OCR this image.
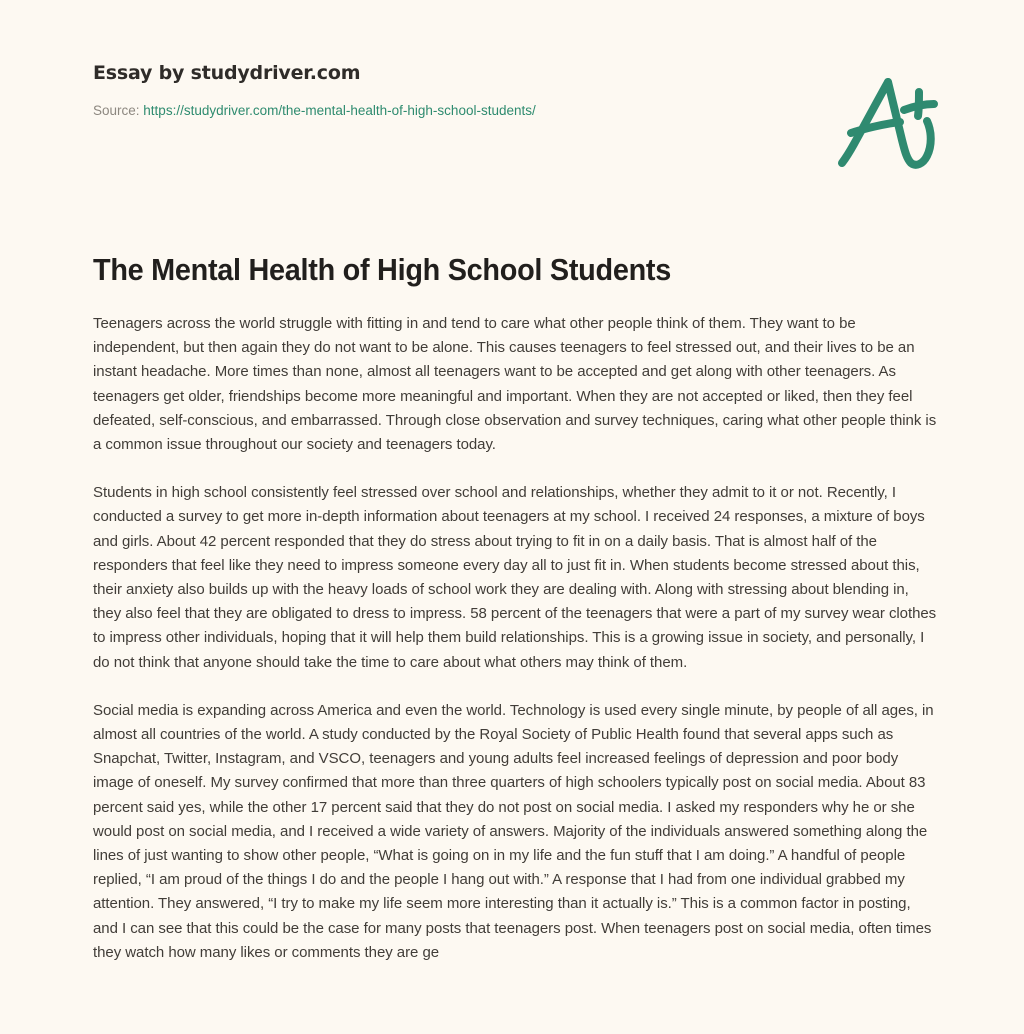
Essay by studydriver.com
Source: https://studydriver.com/the-mental-health-of-high-school-students/
The Mental Health of High School Students

Teenagers across the world struggle with fitting in and tend to care what other people think of them. They want to be independent, but then again they do not want to be alone. This causes teenagers to feel stressed out, and their lives to be an instant headache. More times than none, almost all teenagers want to be accepted and get along with other teenagers. As teenagers get older, friendships become more meaningful and important. When they are not accepted or liked, then they feel defeated, self-conscious, and embarrassed. Through close observation and survey techniques, caring what other people think is a common issue throughout our society and teenagers today.

Students in high school consistently feel stressed over school and relationships, whether they admit to it or not. Recently, I conducted a survey to get more in-depth information about teenagers at my school. I received 24 responses, a mixture of boys and girls. About 42 percent responded that they do stress about trying to fit in on a daily basis. That is almost half of the responders that feel like they need to impress someone every day all to just fit in. When students become stressed about this, their anxiety also builds up with the heavy loads of school work they are dealing with. Along with stressing about blending in, they also feel that they are obligated to dress to impress. 58 percent of the teenagers that were a part of my survey wear clothes to impress other individuals, hoping that it will help them build relationships. This is a growing issue in society, and personally, I do not think that anyone should take the time to care about what others may think of them.

Social media is expanding across America and even the world. Technology is used every single minute, by people of all ages, in almost all countries of the world. A study conducted by the Royal Society of Public Health found that several apps such as Snapchat, Twitter, Instagram, and VSCO, teenagers and young adults feel increased feelings of depression and poor body image of oneself. My survey confirmed that more than three quarters of high schoolers typically post on social media. About 83 percent said yes, while the other 17 percent said that they do not post on social media. I asked my responders why he or she would post on social media, and I received a wide variety of answers. Majority of the individuals answered something along the lines of just wanting to show other people, “What is going on in my life and the fun stuff that I am doing.” A handful of people replied, “I am proud of the things I do and the people I hang out with.” A response that I had from one individual grabbed my attention. They answered, “I try to make my life seem more interesting than it actually is.” This is a common factor in posting, and I can see that this could be the case for many posts that teenagers post. When teenagers post on social media, often times they watch how many likes or comments they are ge
